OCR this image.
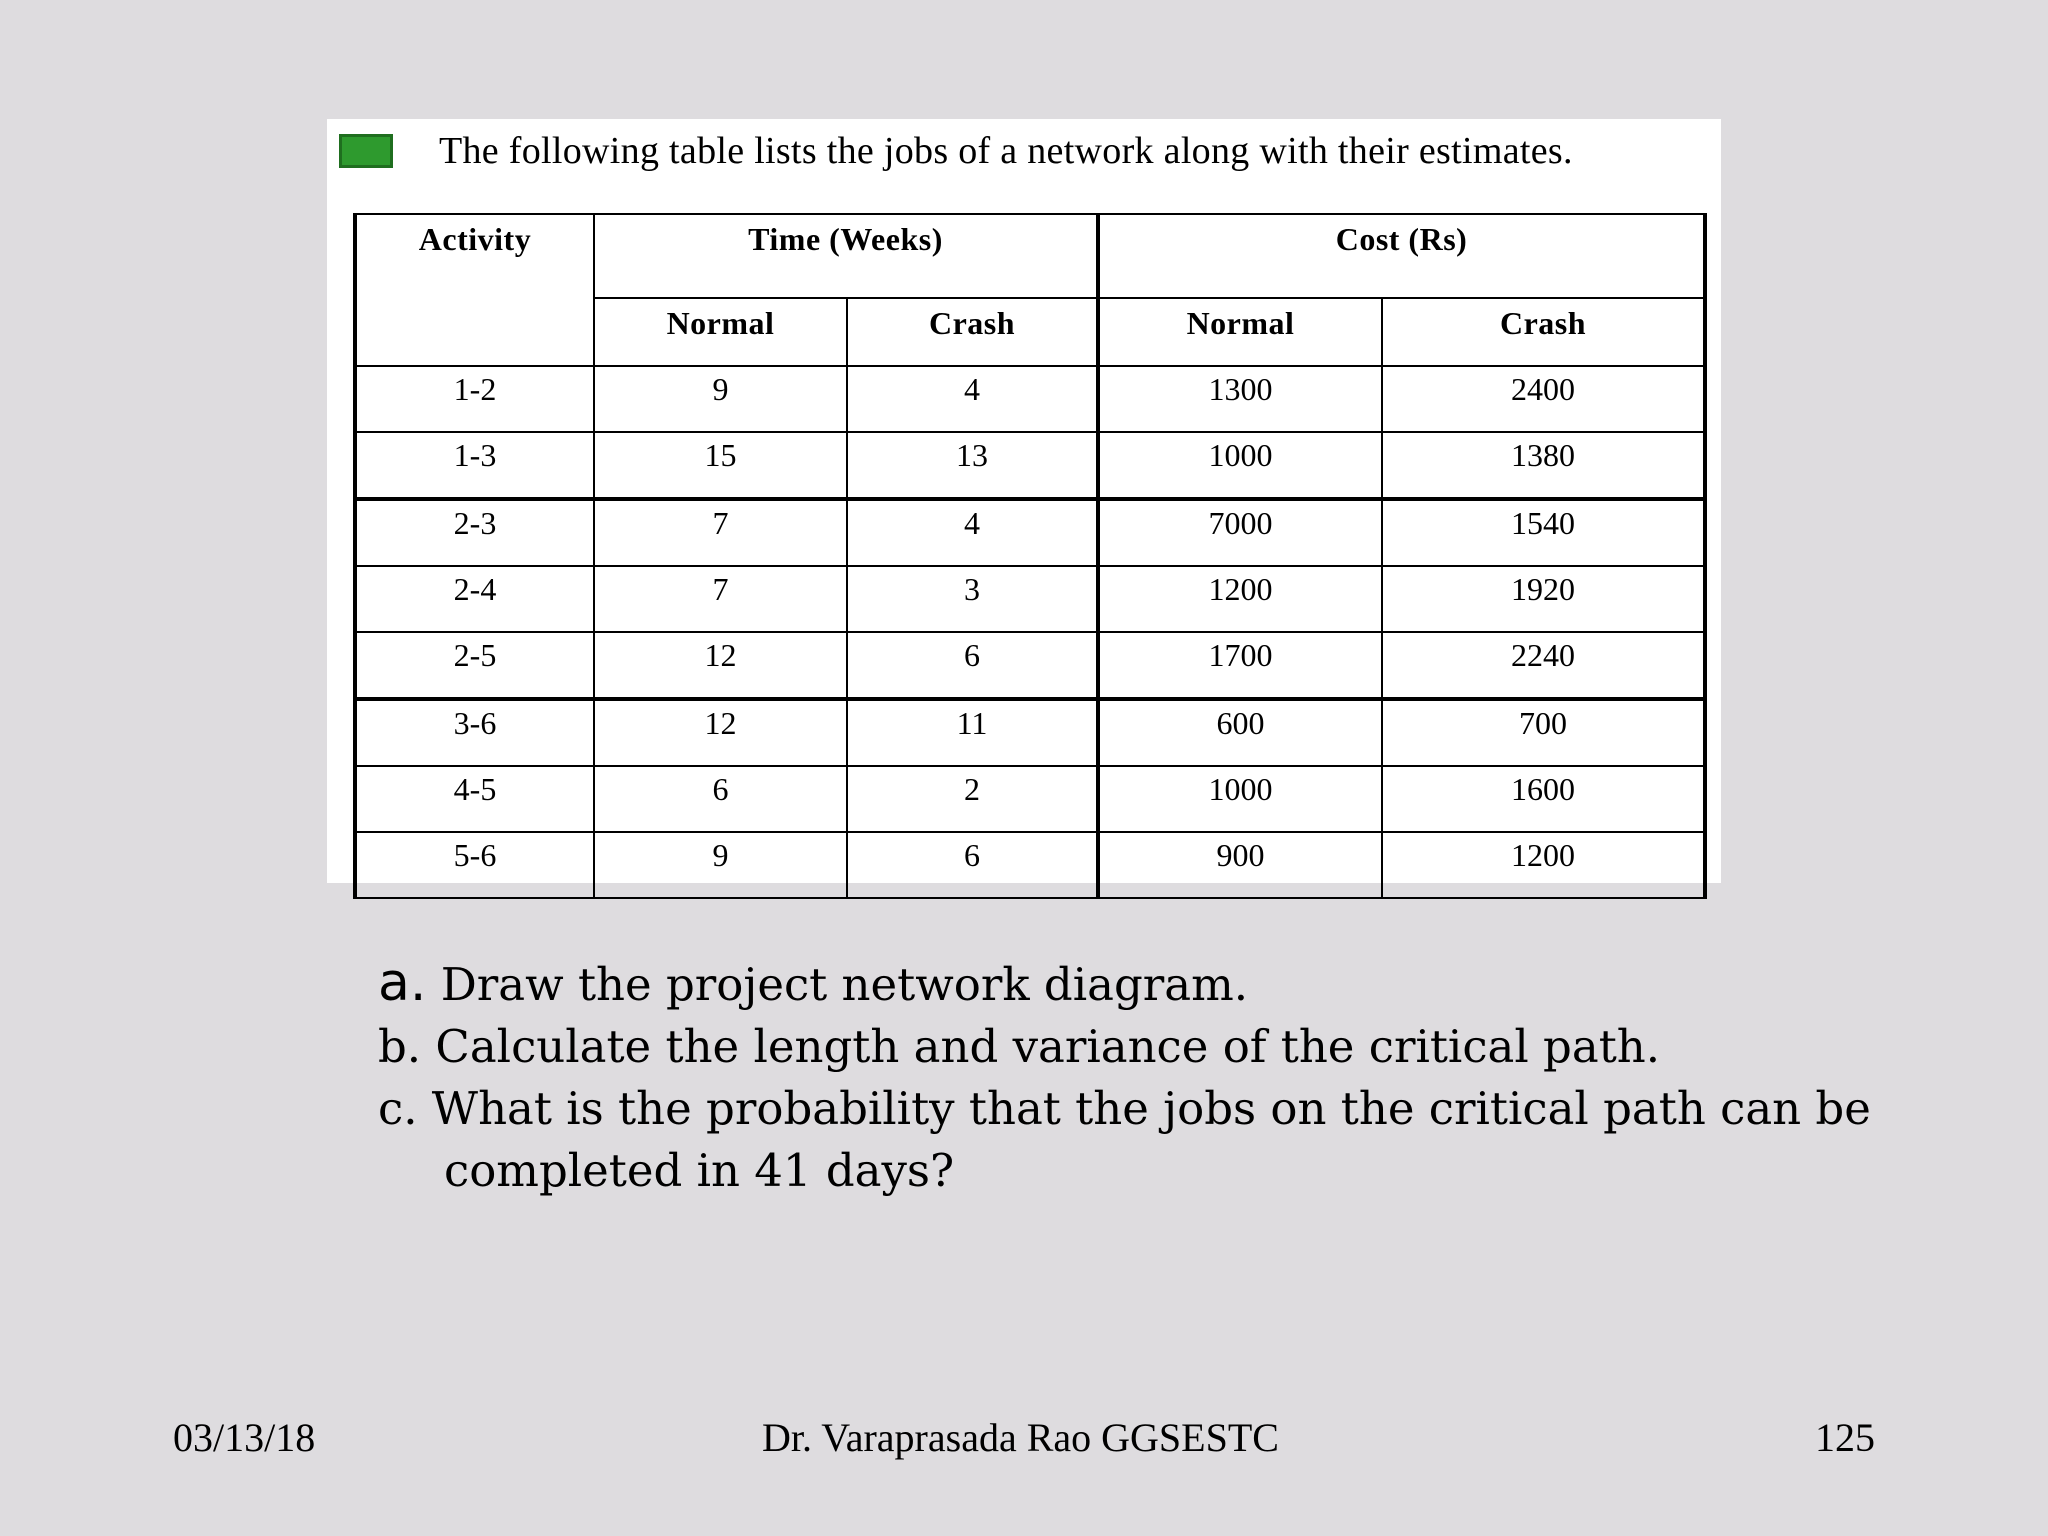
The following table lists the jobs of a network along with their estimates.
Activity	Time (Weeks)		Cost (Rs)	
	Normal	Crash	Normal	Crash
1-2	9	4	1300	2400
1-3	15	13	1000	1380
2-3	7	4	7000	1540
2-4	7	3	1200	1920
2-5	12	6	1700	2240
3-6	12	11	600	700
4-5	6	2	1000	1600
5-6	9	6	900	1200
a. Draw the project network diagram.
b. Calculate the length and variance of the critical path.
c. What is the probability that the jobs on the critical path can be
completed in 41 days?
03/13/18	Dr. Varaprasada Rao GGSESTC	125
